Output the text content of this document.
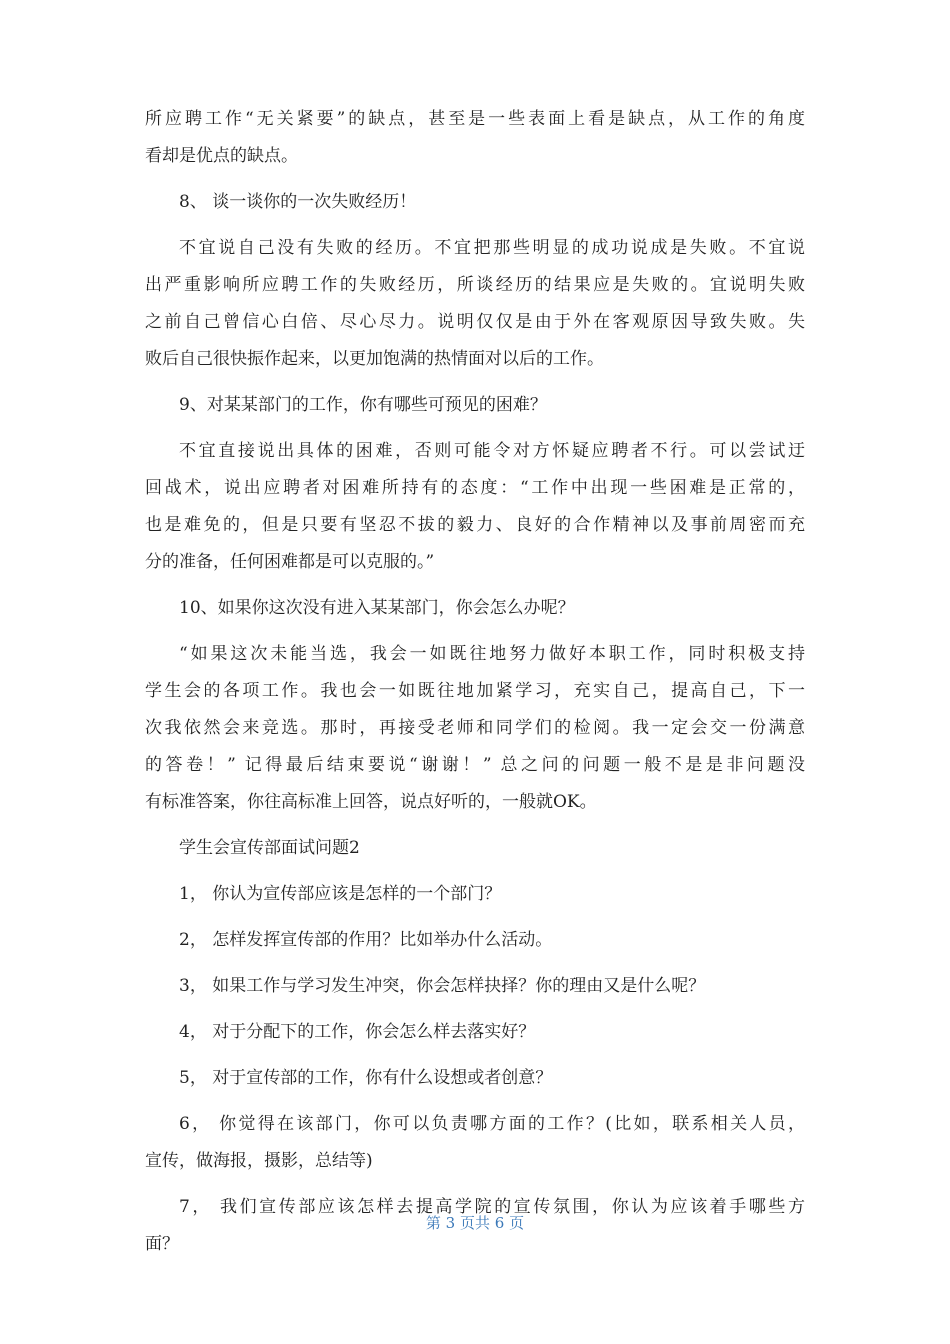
所应聘工作“无关紧要”的缺点，甚至是一些表面上看是缺点，从工作的角度
看却是优点的缺点。
8、 谈一谈你的一次失败经历！
不宜说自己没有失败的经历。不宜把那些明显的成功说成是失败。不宜说
出严重影响所应聘工作的失败经历，所谈经历的结果应是失败的。宜说明失败
之前自己曾信心白倍、尽心尽力。说明仅仅是由于外在客观原因导致失败。失
败后自己很快振作起来，以更加饱满的热情面对以后的工作。
9、对某某部门的工作，你有哪些可预见的困难？
不宜直接说出具体的困难，否则可能令对方怀疑应聘者不行。可以尝试迂
回战术，说出应聘者对困难所持有的态度：“工作中出现一些困难是正常的，
也是难免的，但是只要有坚忍不拔的毅力、良好的合作精神以及事前周密而充
分的准备，任何困难都是可以克服的。”
10、如果你这次没有进入某某部门，你会怎么办呢？
“如果这次未能当选，我会一如既往地努力做好本职工作，同时积极支持
学生会的各项工作。我也会一如既往地加紧学习，充实自己，提高自己，下一
次我依然会来竞选。那时，再接受老师和同学们的检阅。我一定会交一份满意
的答卷！” 记得最后结束要说“谢谢！” 总之问的问题一般不是是非问题没
有标准答案，你往高标准上回答，说点好听的，一般就OK。
学生会宣传部面试问题2
1， 你认为宣传部应该是怎样的一个部门？
2， 怎样发挥宣传部的作用？比如举办什么活动。
3， 如果工作与学习发生冲突，你会怎样抉择？你的理由又是什么呢？
4， 对于分配下的工作，你会怎么样去落实好？
5， 对于宣传部的工作，你有什么设想或者创意？
6， 你觉得在该部门，你可以负责哪方面的工作？(比如，联系相关人员，
宣传，做海报，摄影，总结等)
7， 我们宣传部应该怎样去提高学院的宣传氛围，你认为应该着手哪些方
面？
第 3 页共 6 页
